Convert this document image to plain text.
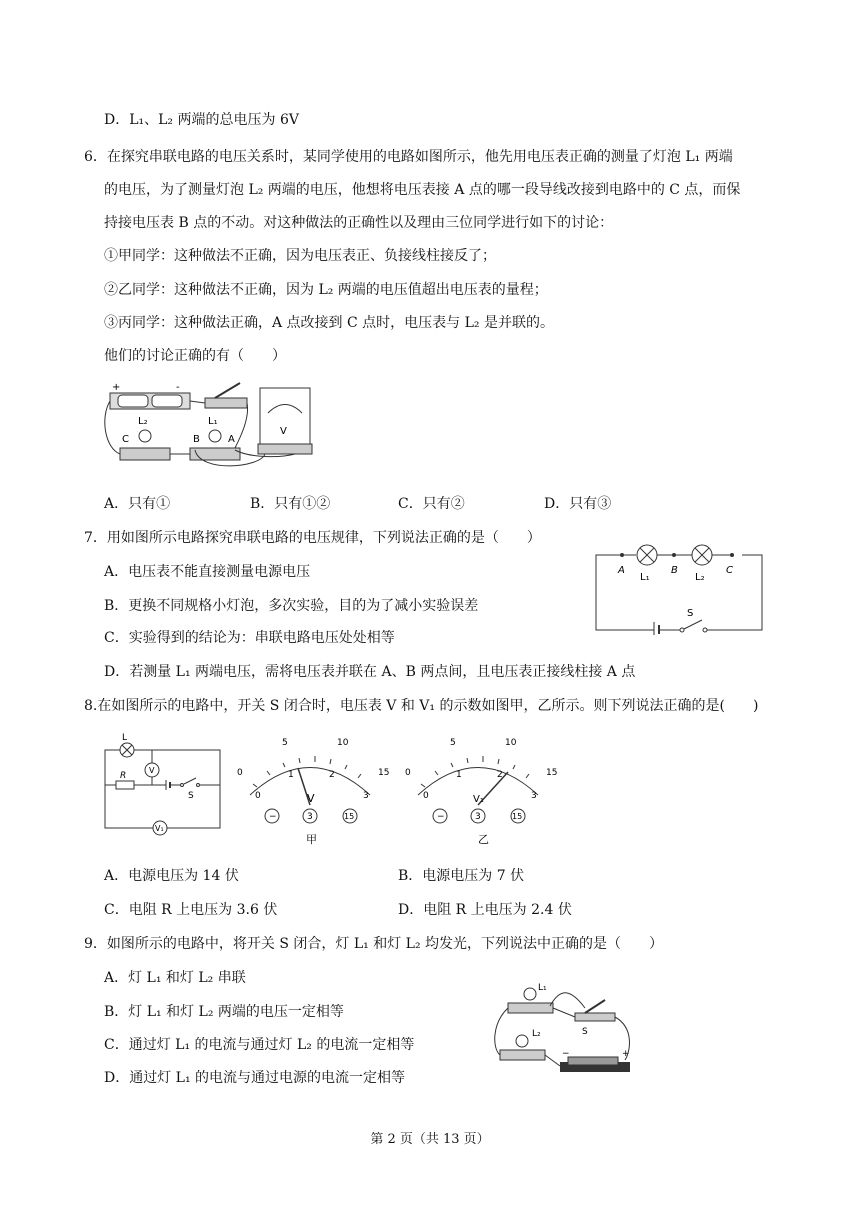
D．L₁、L₂ 两端的总电压为 6V
6．在探究串联电路的电压关系时，某同学使用的电路如图所示，他先用电压表正确的测量了灯泡 L₁ 两端
的电压，为了测量灯泡 L₂ 两端的电压，他想将电压表接 A 点的哪一段导线改接到电路中的 C 点，而保
持接电压表 B 点的不动。对这种做法的正确性以及理由三位同学进行如下的讨论：
①甲同学：这种做法不正确，因为电压表正、负接线柱接反了；
②乙同学：这种做法不正确，因为 L₂ 两端的电压值超出电压表的量程；
③丙同学：这种做法正确，A 点改接到 C 点时，电压表与 L₂ 是并联的。
他们的讨论正确的有（　　）
+	-
V
L₂	L₁
C	B	A
A．只有①	B．只有①②	C．只有②	D．只有③
7．用如图所示电路探究串联电路的电压规律，下列说法正确的是（　　）
A．电压表不能直接测量电源电压
B．更换不同规格小灯泡，多次实验，目的为了减小实验误差
C．实验得到的结论为：串联电路电压处处相等
D．若测量 L₁ 两端电压，需将电压表并联在 A、B 两点间，且电压表正接线柱接 A 点
A	B	C
L₁	L₂
S
8.在如图所示的电路中，开关 S 闭合时，电压表 V 和 V₁ 的示数如图甲，乙所示。则下列说法正确的是(　　)
L
V
R
S
V₁
0
5	10
15
0
1	2
3
V
−	3	15
甲
0
5	10
15
0
1	2
3
V₁
−	3	15
乙
A．电源电压为 14 伏	B．电源电压为 7 伏
C．电阻 R 上电压为 3.6 伏	D．电阻 R 上电压为 2.4 伏
9．如图所示的电路中，将开关 S 闭合，灯 L₁ 和灯 L₂ 均发光，下列说法中正确的是（　　）
A．灯 L₁ 和灯 L₂ 串联
B．灯 L₁ 和灯 L₂ 两端的电压一定相等
C．通过灯 L₁ 的电流与通过灯 L₂ 的电流一定相等
D．通过灯 L₁ 的电流与通过电源的电流一定相等
L₁
L₂	S
−	+
第 2 页（共 13 页）
